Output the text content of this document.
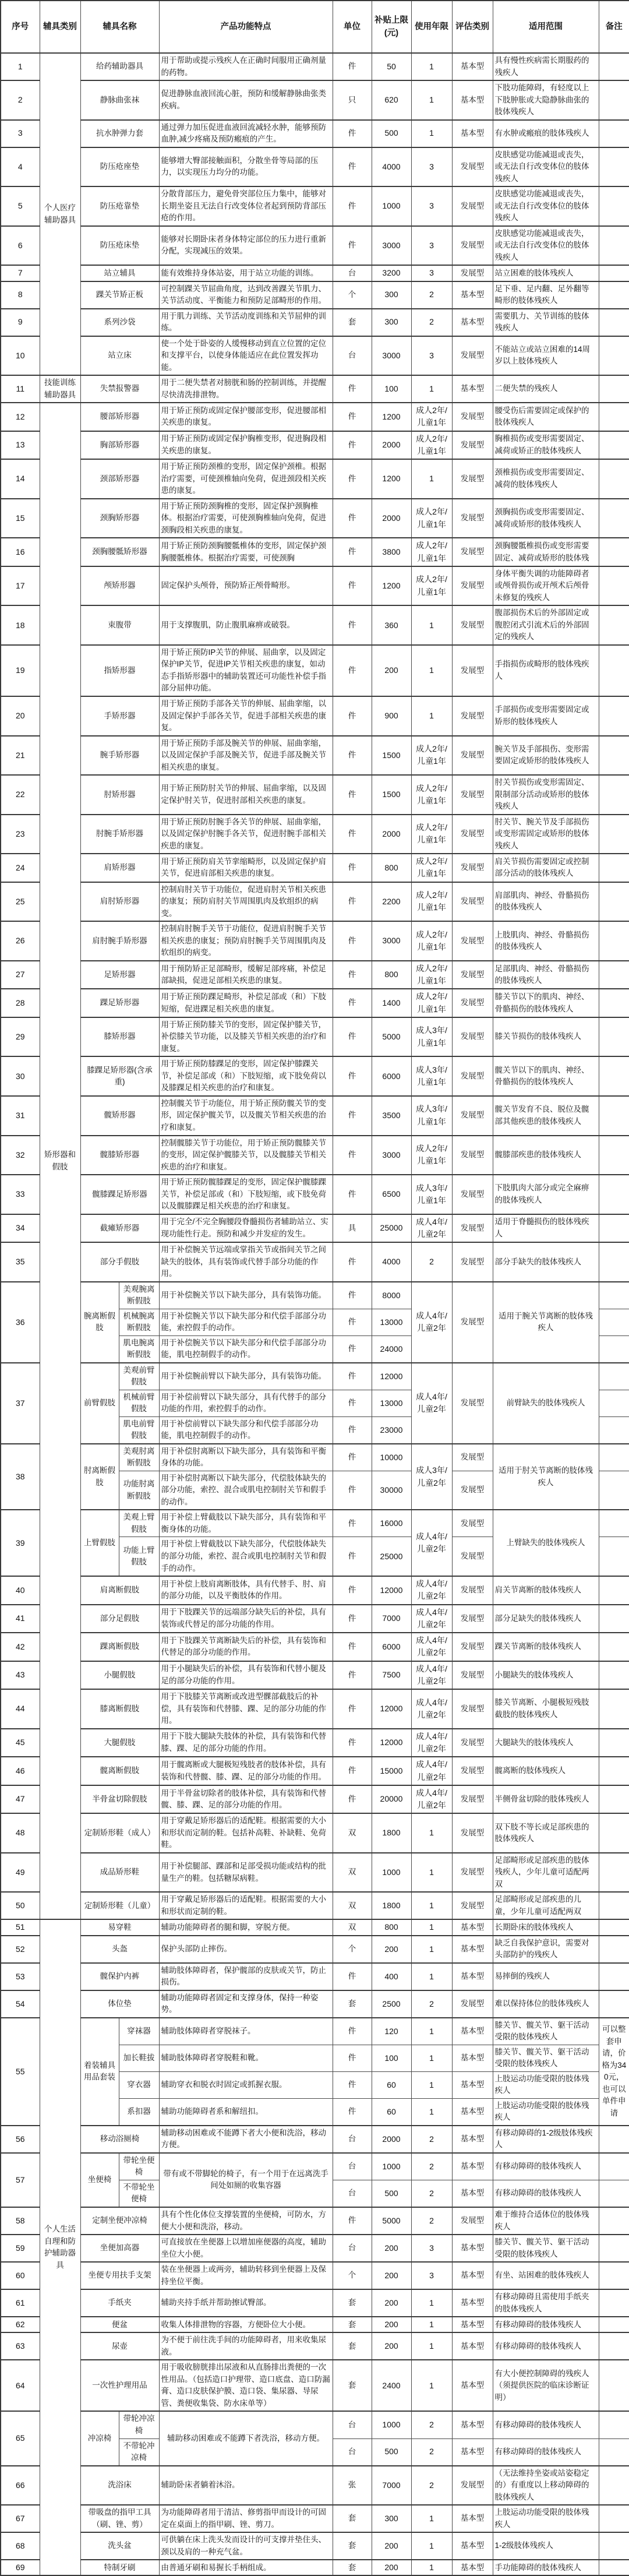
序号	辅具类别	辅具名称		产品功能特点	单位	补贴上限(元)	使用年限	评估类别	适用范围	备注
1	个人医疗辅助器具	给药辅助器具		用于帮助或提示残疾人在正确时间服用正确剂量的药物。	件	50	1	基本型	具有慢性疾病需长期服药的残疾人	
2		静脉曲张袜		促进静脉血液回流心脏，预防和缓解静脉曲张类疾病。	只	620	1	基本型	下肢功能障碍，有轻度以上下肢肿胀或大隐静脉曲张的肢体残疾人	
3		抗水肿弹力套		通过弹力加压促进血液回流减轻水肿，能够预防血肿,减少疼痛及预防瘢痕的产生。	件	500	1	基本型	有水肿或瘢痕的肢体残疾人	
4		防压疮座垫		能够增大臀部接触面积，分散坐骨等局部的压力，以实现压力均分的功能。	件	4000	3	发展型	皮肤感觉功能减退或丧失，或无法自行改变体位的肢体残疾人	
5		防压疮靠垫		分散背部压力，避免骨突部位压力集中，能够对长期坐姿且无法自行改变体位者起到预防背部压疮的作用。	件	1000	3	发展型	皮肤感觉功能减退或丧失，或无法自行改变体位的肢体残疾人	
6		防压疮床垫		能够对长期卧床者身体特定部位的压力进行重新分配，实现减压的效果。	件	3000	3	发展型	皮肤感觉功能减退或丧失，或无法自行改变体位的肢体残疾人	
7		站立辅具		能有效维持身体站姿，用于站立功能的训练。	台	3200	3	发展型	站立困难的肢体残疾人	
8		踝关节矫正板		可控制踝关节屈曲角度，达到改善踝关节肌力、关节活动度、平衡能力和预防足部畸形的作用。	个	300	2	基本型	足下垂、足内翻、足外翻等畸形的肢体残疾人	
9		系列沙袋		用于肌力训练、关节活动度训练和关节屈伸的训练。	套	300	2	基本型	需要肌力、关节训练的肢体残疾人	
10		站立床		使一个处于卧姿的人缓慢移动到直立位置的定位和支撑平台，以使身体能适应在此位置发挥功能。	台	3000	3	发展型	不能站立或站立困难的14周岁以上肢体残疾人	
11	技能训练辅助器具	失禁报警器		用于二便失禁者对膀胱和肠的控制训练，并提醒尽快清洗排泄物。	件	100	1	基本型	二便失禁的残疾人	
12	矫形器和假肢	腰部矫形器		用于矫正预防或固定保护腰部变形，促进腰部相关疾患的康复。	件	1200	成人2年/儿童1年	发展型	腰受伤后需要固定或保护的肢体残疾人	
13		胸部矫形器		用于矫正预防或固定保护胸椎变形，促进胸段相关疾患的康复。	件	2000	成人2年/儿童1年	发展型	胸椎损伤或变形需要固定、减荷或矫正的肢体残疾人	
14		颈部矫形器		用于矫正预防颈椎的变形，固定保护颈椎。根据治疗需要，可使颈椎轴向免荷，促进颈段相关疾患的康复。	件	1200	1	发展型	颈椎损伤或变形需要固定、减荷的肢体残疾人	
15		颈胸矫形器		用于矫正预防颈胸椎的变形，固定保护颈胸椎体。根据治疗需要，可使颈胸椎轴向免荷，促进颈胸段相关疾患的康复。	件	2000	成人2年/儿童1年	发展型	颈胸损伤或变形需要固定、减荷或矫形的肢体残疾人	
16		颈胸腰骶矫形器		用于矫正预防颈胸腰骶椎体的变形，固定保护颈胸腰骶椎体。根据治疗需要，可使颈胸	件	3800	成人2年/儿童1年	发展型	颈胸腰骶椎损伤或变形需要固定、减荷或矫形的肢体残	
17		颅矫形器		固定保护头颅骨，预防矫正颅骨畸形。	件	1200	成人2年/儿童1年	发展型	身体平衡失调的功能障碍者或颅骨损伤或开颅术后颅骨未修复的残疾人	
18		束腹带		用于支撑腹肌，防止腹肌麻痹或破裂。	件	360	1	发展型	腹部损伤术后的外部固定或腹腔闭式引流术后的外部固定的残疾人	
19		指矫形器		用于矫正预防IP关节的伸展、屈曲挛，以及固定保护IP关节，促进IP关节相关疾患的康复，如动态手指矫形器中的辅助装置还可功能性补偿手指部分屈伸功能。	件	200	1	发展型	手指损伤或畸形的肢体残疾人	
20		手矫形器		用于矫正预防手部各关节的伸展、屈曲挛缩，以及固定保护手部各关节，促进手部相关疾患的康复。	件	900	1	发展型	手部损伤或变形需要固定或矫形的肢体残疾人	
21		腕手矫形器		用于矫正预防手部及腕关节的伸展、屈曲挛缩，以及固定保护手部及腕关节，促进手部及腕关节相关疾患的康复。	件	1500	成人2年/儿童1年	发展型	腕关节及手部损伤、变形需要固定或矫形的肢体残疾人	
22		肘矫形器		用于矫正预防肘关节的伸展、屈曲挛缩，以及固定保护肘关节，促进肘部相关疾患的康复。	件	1500	成人2年/儿童1年	发展型	肘关节损伤或变形需固定、限制部分活动或矫形的肢体残疾人	
23		肘腕手矫形器		用于矫正预防肘腕手各关节的伸展、屈曲挛缩，以及固定保护肘腕手各关节，促进肘腕手部相关疾患的康复。	件	2000	成人2年/儿童1年	发展型	肘关节、腕关节及手部损伤或变形需固定或矫形的肢体残疾人	
24		肩矫形器		用于矫正预防肩关节挛缩畸形，以及固定保护肩关节，促进肩部相关疾患的康复。	件	800	成人2年/儿童1年	发展型	肩关节损伤需要固定或控制部分活动的肢体残疾人	
25		肩肘矫形器		控制肩肘关节于功能位，促进肩肘关节相关疾患的康复；预防肩肘关节周围肌肉及软组织的病变。	件	2200	成人2年/儿童1年	发展型	肩部肌肉、神经、骨骼损伤的肢体残疾人	
26		肩肘腕手矫形器		控制肩肘腕手关节于功能位，促进肩肘腕手关节相关疾患的康复；预防肩肘腕手关节周围肌肉及软组织的病变。	件	3000	成人2年/儿童1年	发展型	上肢肌肉、神经、骨骼损伤的肢体残疾人	
27		足矫形器		用于预防矫正足部畸形，缓解足部疼痛，补偿足部缺损，促进足部相关疾患的康复。	件	800	成人2年/儿童1年	发展型	足部肌肉、神经、骨骼损伤的肢体残疾人	
28		踝足矫形器		用于矫正预防踝足畸形，补偿足部或（和）下肢短缩，促进踝足相关疾患的康复。	件	1400	成人2年/儿童1年	发展型	膝关节以下的肌肉、神经、骨骼损伤的肢体残疾人	
29		膝矫形器		用于矫正预防膝关节的变形，固定保护膝关节，补偿膝关节功能，以及膝关节相关疾患的治疗和康复。	件	5000	成人3年/儿童1年	发展型	膝关节损伤的肢体残疾人	
30		膝踝足矫形器(含承重)		用于矫正预防膝踝足的变形，固定保护膝踝关节，补偿足部或（和）下肢短缩，或下肢免荷以及膝踝足相关疾患的治疗和康复。	件	6000	成人3年/儿童1年	发展型	髋关节以下的肌肉、神经、骨骼损伤的肢体残疾人	
31		髋矫形器		控制髋关节于功能位，用于矫正预防髋关节的变形，固定保护髋关节，以及髋关节相关疾患的治疗和康复。	件	3500	成人3年/儿童1年	发展型	髋关节发育不良、脱位及髋部其他疾患的肢体残疾人	
32		髋膝矫形器		控制髋膝关节于功能位，用于矫正预防髋膝关节的变形，固定保护髋膝关节，以及髋膝关节相关疾患的治疗和康复。	件	3000	成人2年/儿童1年	发展型	髋膝部疾患的肢体残疾人	
33		髋膝踝足矫形器		用于矫正预防髋膝踝足的变形，固定保护髋膝踝关节，补偿足部或（和）下肢短缩，或下肢免荷以及髋膝踝足相关疾患的治疗和康复。	件	6500	成人3年/儿童1年	发展型	下肢肌肉大部分或完全麻痹的肢体残疾人	
34		截瘫矫形器		用于完全/不完全胸腰段脊髓损伤者辅助站立、实现功能性行走。预防和减少并发症的发生。	具	25000	成人4年/儿童2年	发展型	适用于脊髓损伤的肢体残疾人	
35		部分手假肢		用于补偿腕关节远端或掌指关节或指间关节之间缺失的肢体，具有装饰或代替手部分功能的作用。	件	4000	2	发展型	部分手缺失的肢体残疾人	
36		腕离断假肢	美观腕离断假肢	用于补偿腕关节以下缺失部分，具有装饰功能。	件	8000	成人4年/儿童2年	发展型	适用于腕关节离断的肢体残疾人	
			机械腕离断假肢	用于补偿腕关节以下缺失部分和代偿手部部分功能，索控假手的动作。	件	13000				
			肌电腕离断假肢	用于补偿腕关节以下缺失部分和代偿手部部分功能，肌电控制假手的动作。	件	24000				
37		前臂假肢	美观前臂假肢	用于补偿腕前臂以下缺失部分，具有装饰功能。	件	12000	成人4年/儿童2年	发展型	前臂缺失的肢体残疾人	
			机械前臂假肢	用于补偿前臂以下缺失部分，具有代替手的部分功能的作用，索控假手的动作。	件	13000				
			肌电前臂假肢	用于补偿前臂以下缺失部分和代偿手部部分功能，肌电控制假手的动作。	件	23000				
38		肘离断假肢	美观肘离断假肢	用于补偿肘离断以下缺失部分，具有装饰和平衡身体的功能。	件	10000	成人3年/儿童2年	发展型	适用于肘关节离断的肢体残疾人	
			功能肘离断假肢	用于补偿肘离断以下缺失部分，代偿肢体缺失的部分功能，索控、混合或肌电控制肘关节和假手的动作。	件	30000		发展型		
39		上臂假肢	美观上臂假肢	用于补偿上臂截肢以下缺失部分，具有装饰和平衡身体的功能。	件	16000	成人4年/儿童2年	发展型	上臂缺失的肢体残疾人	
			功能上臂假肢	用于补偿上臂截肢以下缺失部分，代偿肢体缺失的部分功能，索控、混合或肌电控制肘关节和假手的动作。	件	25000		发展型		
40		肩离断假肢		用于补偿上肢肩离断肢体，具有代替手、肘、肩的部分功能，以及平衡肢体的作用。	件	12000	成人4年/儿童2年	发展型	肩关节离断的肢体残疾人	
41		部分足假肢		用于下肢踝关节的远端部分缺失后的补偿，具有装饰或代替足的部分功能的作用。	件	7000	成人4年/儿童2年	发展型	部分足缺失的肢体残疾人	
42		踝离断假肢		用于下肢踝关节离断缺失后的补偿，具有装饰和代替足的部分功能的作用。	件	6000	成人4年/儿童2年	发展型	踝关节离断的肢体残疾人	
43		小腿假肢		用于小腿缺失后的补偿，具有装饰和代替小腿及足的部分功能的作用。	件	7500	成人4年/儿童2年	发展型	小腿缺失的肢体残疾人	
44		膝离断假肢		用于下肢膝关节离断或改进型髁部截肢后的补偿，具有装饰和代替膝、踝、足的部分功能的作用。	件	12000	成人4年/儿童2年	发展型	膝关节离断、小腿极短残肢截肢的肢体残疾人	
45		大腿假肢		用于下肢大腿缺失肢体的补偿，具有装饰和代替膝、踝、足的部分功能的作用。	件	12000	成人4年/儿童2年	发展型	大腿缺失的肢体残疾人	
46		髋离断假肢		用于髋离断或大腿极短残肢者的肢体补偿，具有装饰和代替髋、膝、踝、足的部分功能的作用。	件	15000	成人4年/儿童2年	发展型	髋离断的肢体残疾人	
47		半骨盆切除假肢		用于半骨盆切除者的肢体补偿，具有装饰和代替髋、膝、踝、足的部分功能的作用。	件	20000	成人4年/儿童2年	发展型	半侧骨盆切除的肢体残疾人	
48		定制矫形鞋（成人）		用于穿戴足矫形器后的适配鞋。根据需要的大小和形状而定制的鞋。包括补高鞋、补缺鞋、免荷鞋。	双	1800	1	发展型	双下肢不等长或足部疾患的肢体残疾人	
49		成品矫形鞋		用于补偿腿部、踝部和足部受损功能或结构的批量生产的鞋。包括糖尿病鞋。	双	1000	1	发展型	足部畸形或足部疾患的肢体残疾人，少年儿童可适配两双	
50		定制矫形鞋（儿童）		用于穿戴足矫形器后的适配鞋。根据需要的大小和形状而定制的鞋。	双	1800	1	发展型	足部畸形或足部疾患的儿童，少年儿童可适配两双	
51	个人生活自理和防护辅助器具	易穿鞋		辅助功能障碍者的腿和脚，穿脱方便。	双	800	1	基本型	长期卧床的肢体残疾人	
52		头盔		保护头部防止摔伤。	个	200	1	基本型	缺乏自我保护意识，需要对头部防护的残疾人	
53		髋保护内裤		辅助肢体障碍者，保护髋部的皮肤或关节，防止损伤。	件	400	1	基本型	易摔倒的残疾人	
54		体位垫		辅助功能障碍者固定和支撑身体，保持一种姿势。	套	2500	2	发展型	难以保持体位的肢体残疾人	
55		着装辅具用品套装	穿袜器	辅助肢体障碍者穿脱袜子。	件	120	1	基本型	膝关节、髋关节、躯干活动受限的肢体残疾人	可以整套申请，价格为340元，也可以单件申请
			加长鞋拔	辅助肢体障碍者穿脱鞋和靴。	件	100	1	基本型	膝关节、髋关节、躯干活动受限的肢体残疾人	
			穿衣器	辅助穿衣和脱衣时固定或抓握衣服。	件	60	1	基本型	上肢运动功能受限的肢体残疾人	
			系扣器	辅助功能障碍者系和解纽扣。	件	60	1	基本型	上肢运动功能受限的肢体残疾人	
56		移动浴厕椅		辅助移动困难或不能蹲下者大小便和洗浴，移动方便。	台	2000	2	基本型	有移动障碍的1-2级肢体残疾人	
57		坐便椅	带轮坐便椅	带有或不带脚轮的椅子，有一个用于在远离洗手间处如厕的收集容器	台	1000	2	基本型	有移动障碍的肢体残疾人	
			不带轮坐便椅		台	500	2	基本型	有移动障碍的肢体残疾人	
58		定制坐便冲凉椅		具有个性化体位支撑装置的坐便椅，可防水，方便大小便和洗浴，移动。	件	5000	2	发展型	难于维持合适体位的肢体残疾人	
59		坐便加高器		可直接放在坐便器上以增加座便器的高度，辅助坐位大小便。	台	200	3	基本型	膝关节、髋关节、躯干活动受限的肢体残疾人	
60		坐便专用扶手支架		装在坐便器上或两旁，辅助转移到坐便器上及保持坐位平衡。	个	200	3	基本型	有坐、站困难的肢体残疾人	
61		手纸夹		辅助夹持手纸并帮助擦试臀部。	套	200	1	基本型	有移动障碍且需使用手纸夹的肢体残疾人	
62		便盆		收集人体排泄物的容器，方便卧位大小便。	套	200	1	基本型	有移动障碍的肢体残疾人	
63		尿壶		为不便于前往洗手间的功能障碍者，用来收集尿液。	套	200	1	基本型	有移动障碍的肢体残疾人	
64		一次性护理用品		用于吸收膀胱排出尿液和从直肠排出粪便的一次性用品。（包括造口护理带、造口底盘、造口防漏膏、造口皮肤保护膜、造口袋、集尿器、导尿管、粪便收集袋、防水床单等）	套	2400	1	基本型	有大小便控制障碍的残疾人（须提供医院的临床诊断证明）	
65		冲凉椅	带轮冲凉椅	辅助移动困难或不能蹲下者洗浴，移动方便。	台	1000	2	基本型	有移动障碍的肢体残疾人	
			不带轮冲凉椅		台	500	2	基本型	有移动障碍的肢体残疾人	
66		洗浴床		辅助卧床者躺着沐浴。	张	7000	2	发展型	（无法维持坐姿或站姿稳定的）有重度以上移动障碍的肢体残疾人	
67		带吸盘的指甲工具（刷、锉、剪）		为功能障碍者用于清洁、修剪指甲而设计的可固定在桌面上的指甲刷、锉、剪刀。	套	300	1	基本型	上肢运动功能受限的肢体残疾人	
68		洗头盆		可供躺在床上洗头发而设计的可支撑并垫住头、颈以及肩的一种充气盆。	套	200	1	基本型	1-2级肢体残疾人	
69		特制牙刷		由普通牙刷和易握长手柄组成。	套	200	1	基本型	手功能障碍的肢体残疾人	
